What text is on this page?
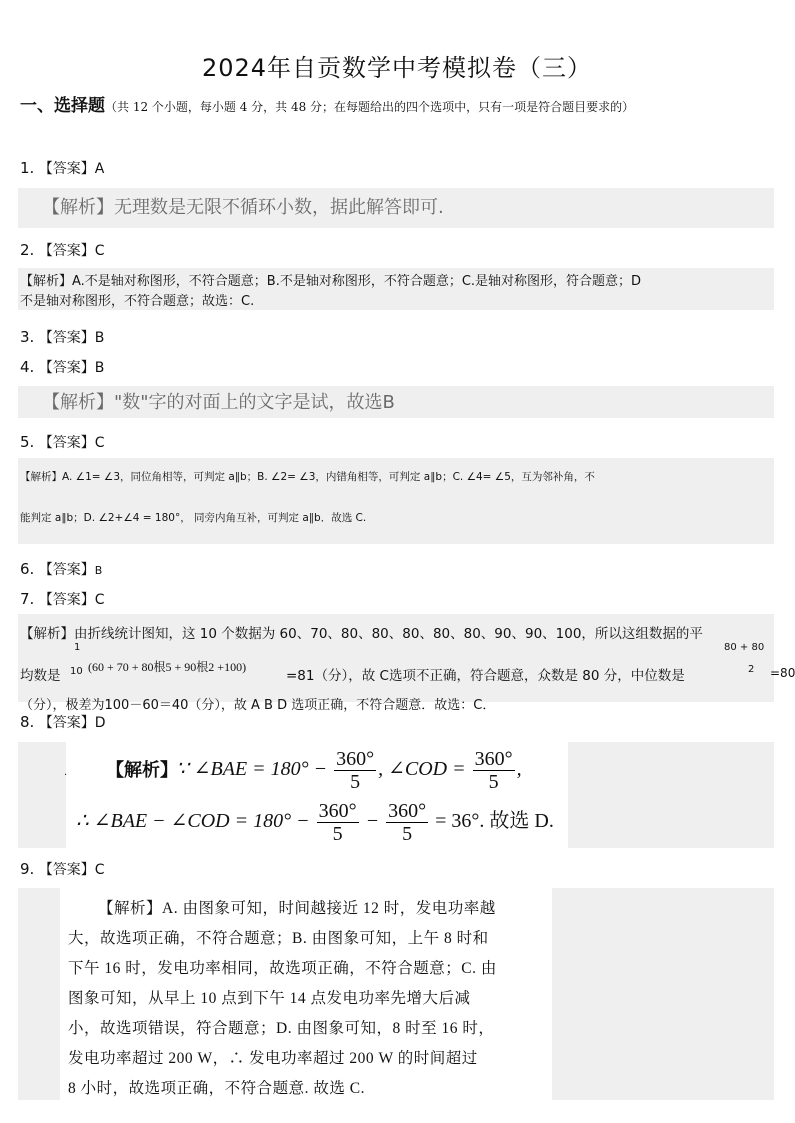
2024年自贡数学中考模拟卷（三）
一、选择题（共 12 个小题，每小题 4 分，共 48 分；在每题给出的四个选项中，只有一项是符合题目要求的）
1. 【答案】A
【解析】无理数是无限不循环小数，据此解答即可.
2. 【答案】C
【解析】A.不是轴对称图形，不符合题意；B.不是轴对称图形，不符合题意；C.是轴对称图形，符合题意；D
不是轴对称图形，不符合题意；故选：C.
3. 【答案】B
4. 【答案】B
【解析】"数"字的对面上的文字是试，故选B
5. 【答案】C
【解析】A. ∠1= ∠3，同位角相等，可判定 a∥b；B. ∠2= ∠3，内错角相等，可判定 a∥b；C. ∠4= ∠5，互为邻补角，不
能判定 a∥b；D. ∠2+∠4 = 180°， 同旁内角互补，可判定 a∥b．故选 C.
6. 【答案】B
7. 【答案】C
【解析】由折线统计图知，这 10 个数据为 60、70、80、80、80、80、80、90、90、100，所以这组数据的平
1
均数是 10 (60 + 70 + 80根5 + 90根2 +100)
=81（分），故 C选项不正确，符合题意，众数是 80 分，中位数是
80 + 80
2 =80
（分），极差为100－60＝40（分），故 A B D 选项正确，不符合题意．故选：C．
8. 【答案】D
· 【解析】
∵ ∠BAE = $180^\circ - \frac{360^\circ}{5}$ , ∠COD = $\frac{360^\circ}{5}$ ,
∴ ∠BAE − ∠COD = $180^\circ - \frac{360^\circ}{5} - \frac{360^\circ}{5} = 36^\circ$. 故选 D.
9. 【答案】C
【解析】A. 由图象可知，时间越接近 12 时，发电功率越
大，故选项正确，不符合题意；B. 由图象可知，上午 8 时和
下午 16 时，发电功率相同，故选项正确，不符合题意；C. 由
图象可知，从早上 10 点到下午 14 点发电功率先增大后减
小，故选项错误，符合题意；D. 由图象可知，8 时至 16 时，
发电功率超过 200 W，∴ 发电功率超过 200 W 的时间超过
8 小时，故选项正确，不符合题意. 故选 C.
